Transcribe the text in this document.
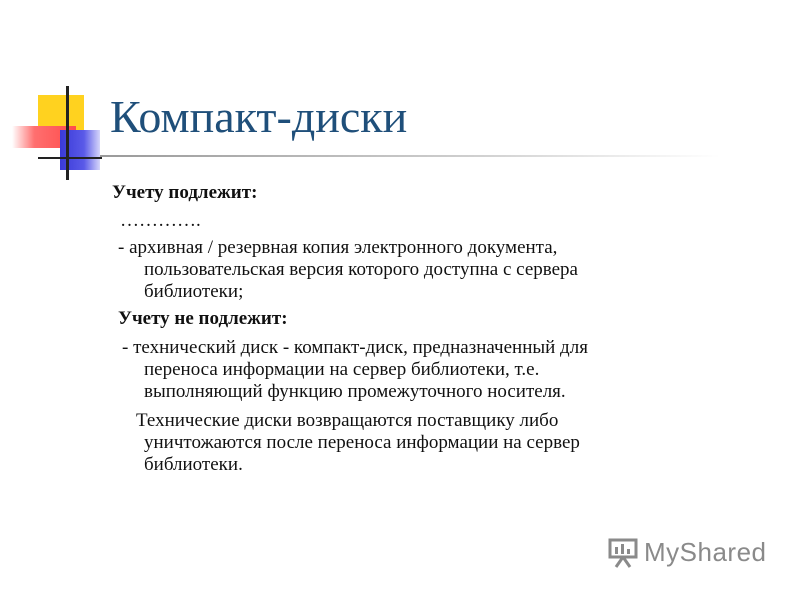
Компакт-диски
Учету подлежит:
………….
- архивная / резервная копия электронного документа,
пользовательская версия которого доступна с сервера
библиотеки;
Учету не подлежит:
- технический диск - компакт-диск, предназначенный для
переноса информации на сервер библиотеки, т.е.
выполняющий функцию промежуточного носителя.
Технические диски возвращаются поставщику либо
уничтожаются после переноса информации на сервер
библиотеки.
MyShared
